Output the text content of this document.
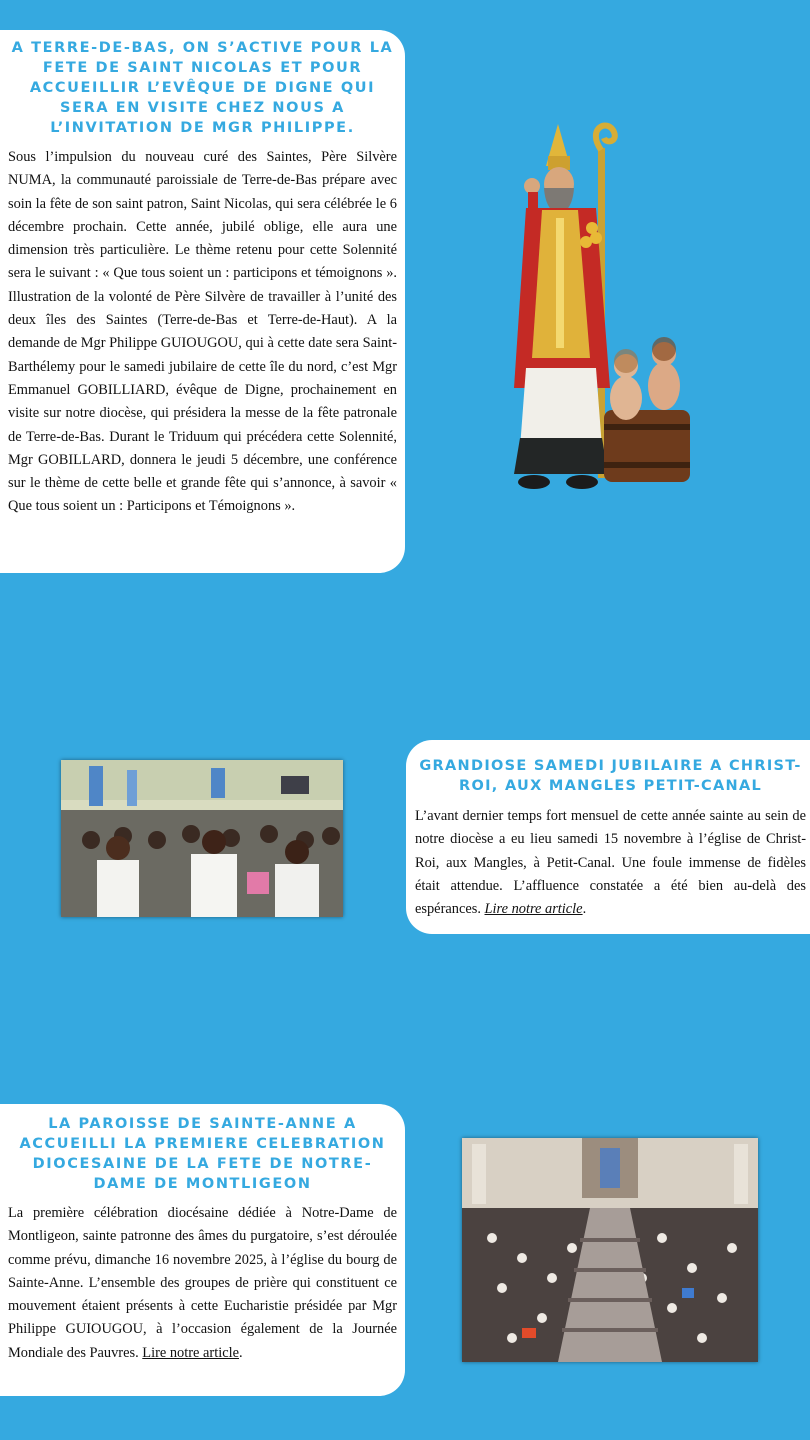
A TERRE-DE-BAS, ON S’ACTIVE POUR LA FETE DE SAINT NICOLAS ET POUR ACCUEILLIR L’EVÊQUE DE DIGNE QUI SERA EN VISITE CHEZ NOUS A L’INVITATION DE MGR PHILIPPE.

Sous l’impulsion du nouveau curé des Saintes, Père Silvère NUMA, la communauté paroissiale de Terre-de-Bas prépare avec soin la fête de son saint patron, Saint Nicolas, qui sera célébrée le 6 décembre prochain. Cette année, jubilé oblige, elle aura une dimension très particulière. Le thème retenu pour cette Solennité sera le suivant : « Que tous soient un : participons et témoignons ». Illustration de la volonté de Père Silvère de travailler à l’unité des deux îles des Saintes (Terre-de-Bas et Terre-de-Haut). A la demande de Mgr Philippe GUIOUGOU, qui à cette date sera Saint-Barthélemy pour le samedi jubilaire de cette île du nord, c’est Mgr Emmanuel GOBILLIARD, évêque de Digne, prochainement en visite sur notre diocèse, qui présidera la messe de la fête patronale de Terre-de-Bas. Durant le Triduum qui précédera cette Solennité, Mgr GOBILLARD, donnera le jeudi 5 décembre, une conférence sur le thème de cette belle et grande fête qui s’annonce, à savoir « Que tous soient un : Participons et Témoignons ».

GRANDIOSE SAMEDI JUBILAIRE A CHRIST-ROI, AUX MANGLES PETIT-CANAL

L’avant dernier temps fort mensuel de cette année sainte au sein de notre diocèse a eu lieu samedi 15 novembre à l’église de Christ-Roi, aux Mangles, à Petit-Canal. Une foule immense de fidèles était attendue. L’affluence constatée a été bien au-delà des espérances. Lire notre article.

LA PAROISSE DE SAINTE-ANNE A ACCUEILLI LA PREMIERE CELEBRATION DIOCESAINE DE LA FETE DE NOTRE-DAME DE MONTLIGEON

La première célébration diocésaine dédiée à Notre-Dame de Montligeon, sainte patronne des âmes du purgatoire, s’est déroulée comme prévu, dimanche 16 novembre 2025, à l’église du bourg de Sainte-Anne. L’ensemble des groupes de prière qui constituent ce mouvement étaient présents à cette Eucharistie présidée par Mgr Philippe GUIOUGOU, à l’occasion également de la Journée Mondiale des Pauvres. Lire notre article.
